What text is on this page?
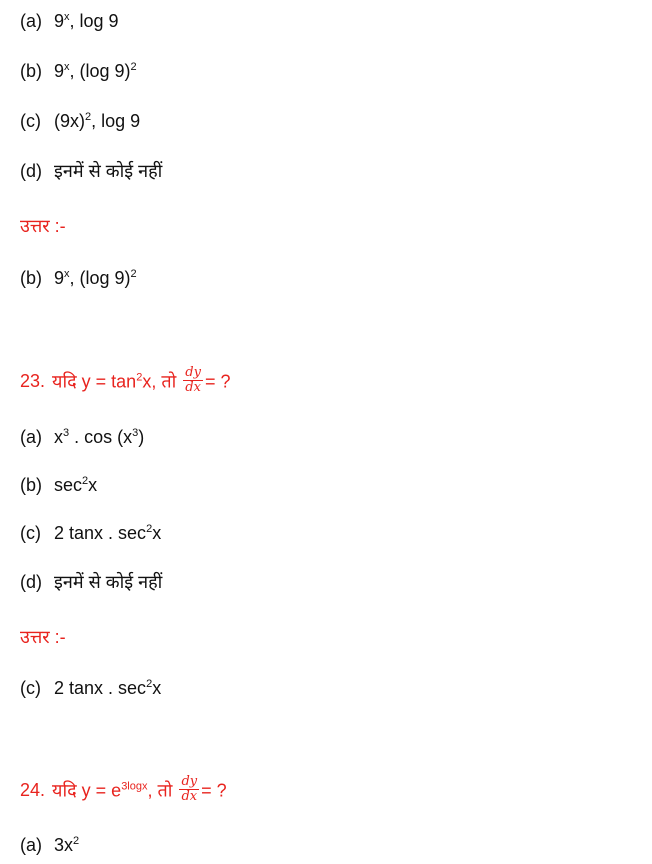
(a) 9$^x$, log 9
(b) 9$^x$, (log 9)$^2$
(c) $(9x)^2$, log 9
(d) इनमें से कोई नहीं
उत्तर :-
(b) 9$^x$, (log 9)$^2$
23. यदि $y = \tan^2x$, तो $\frac{dy}{dx}$ = ?
(a) $x^3$ . $\cos (x^3)$
(b) $\sec^2x$
(c) 2 tanx . $\sec^2x$
(d) इनमें से कोई नहीं
उत्तर :-
(c) 2 tanx . $\sec^2x$
24. यदि $y = e^{3logx}$, तो $\frac{dy}{dx}$ = ?
(a) $3x^2$
